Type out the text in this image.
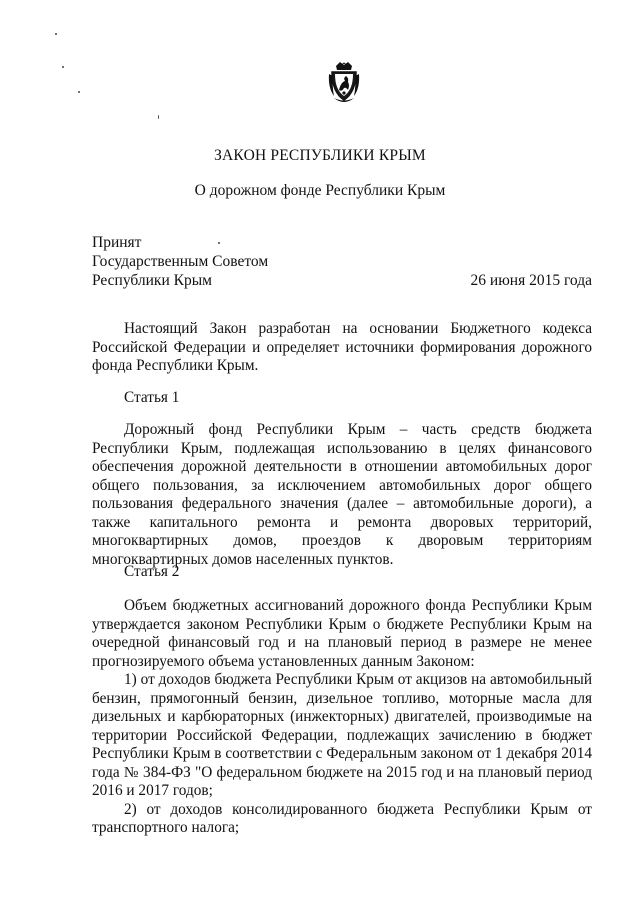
ЗАКОН РЕСПУБЛИКИ КРЫМ
О дорожном фонде Республики Крым
Принят
Государственным Советом
Республики Крым	26 июня 2015 года

Настоящий Закон разработан на основании Бюджетного кодекса Российской Федерации и определяет источники формирования дорожного фонда Республики Крым.

Статья 1

Дорожный фонд Республики Крым – часть средств бюджета Республики Крым, подлежащая использованию в целях финансового обеспечения дорожной деятельности в отношении автомобильных дорог общего пользования, за исключением автомобильных дорог общего пользования федерального значения (далее – автомобильные дороги), а также капитального ремонта и ремонта дворовых территорий, многоквартирных домов, проездов к дворовым территориям многоквартирных домов населенных пунктов.

Статья 2

Объем бюджетных ассигнований дорожного фонда Республики Крым утверждается законом Республики Крым о бюджете Республики Крым на очередной финансовый год и на плановый период в размере не менее прогнозируемого объема установленных данным Законом:

1) от доходов бюджета Республики Крым от акцизов на автомобильный бензин, прямогонный бензин, дизельное топливо, моторные масла для дизельных и карбюраторных (инжекторных) двигателей, производимые на территории Российской Федерации, подлежащих зачислению в бюджет Республики Крым в соответствии с Федеральным законом от 1 декабря 2014 года № 384-ФЗ "О федеральном бюджете на 2015 год и на плановый период 2016 и 2017 годов;

2) от доходов консолидированного бюджета Республики Крым от транспортного налога;
